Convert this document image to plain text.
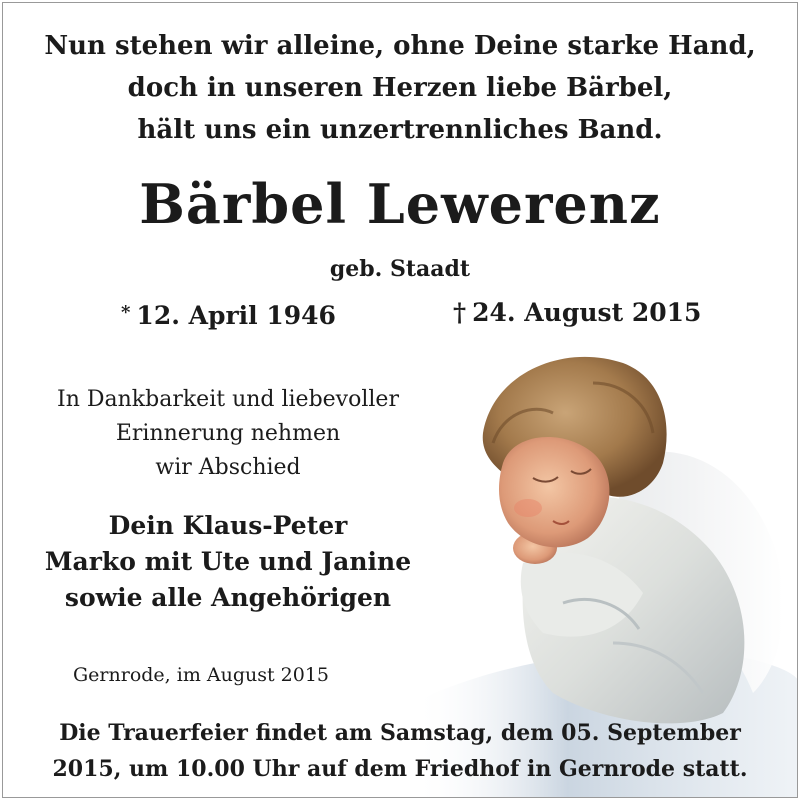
Nun stehen wir alleine, ohne Deine starke Hand,
doch in unseren Herzen liebe Bärbel,
hält uns ein unzertrennliches Band.
Bärbel Lewerenz
geb. Staadt
* 12. April 1946	† 24. August 2015
In Dankbarkeit und liebevoller
Erinnerung nehmen
wir Abschied
Dein Klaus-Peter
Marko mit Ute und Janine
sowie alle Angehörigen
Gernrode, im August 2015
Die Trauerfeier findet am Samstag, dem 05. September
2015, um 10.00 Uhr auf dem Friedhof in Gernrode statt.
